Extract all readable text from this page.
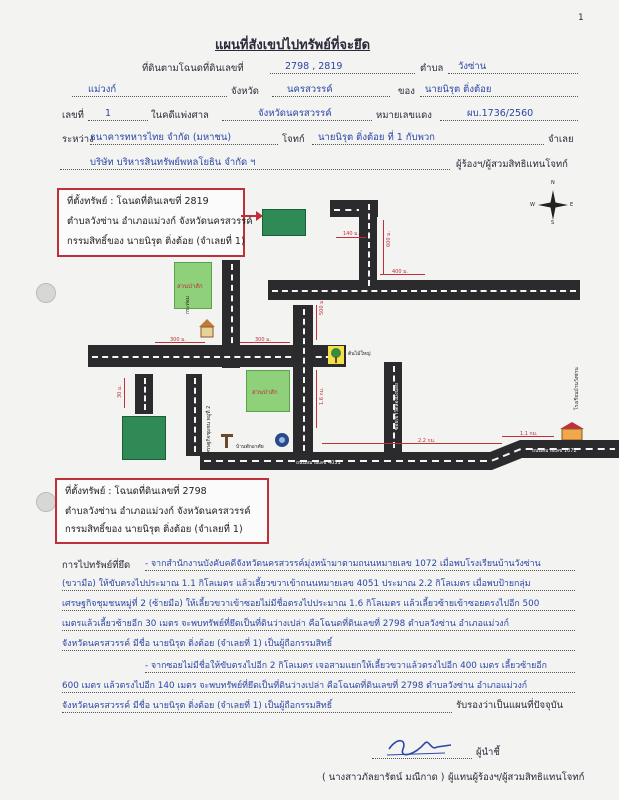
1
แผนที่สังเขปไปทรัพย์ที่จะยึด
ที่ดินตามโฉนดที่ดินเลขที่	2798 , 2819	ตำบล วังซ่าน
แม่วงก์	จังหวัด	นครสวรรค์	ของ นายนิรุต ติ่งต้อย
เลขที่ 1	ในคดีแพ่งศาล	จังหวัดนครสวรรค์	หมายเลขแดง	ผบ.1736/2560
ระหว่าง
ธนาคารทหารไทย จำกัด (มหาชน)	โจทก์ นายนิรุต ติ่งต้อย ที่ 1 กับพวก	จำเลย
บริษัท บริหารสินทรัพย์พหลโยธิน จำกัด ฯ	ผู้ร้องฯ/ผู้สวมสิทธิแทนโจทก์
สวนป่าสัก
สวนป่าสัก
กระท่อม
ต้นไม้ใหญ่
โรงเรียนบ้านวังซ่าน
บ้านพักอาศัย
เศรษฐกิจชุมชน หมู่ที่ 2
ถนนหมายเลข 4051
ถนนหมายเลข 1072
ซอยเข้าวัดสองมิ่งน้อย
140 ม.	600 ม.
400 ม.
500 ม.
300 ม.	300 ม.
1.6 กม.
30 ม.
2.2 กม.
1.1 กม.
N
S
W	E
ที่ตั้งทรัพย์ : โฉนดที่ดินเลขที่ 2819
ตำบลวังซ่าน อำเภอแม่วงก์ จังหวัดนครสวรรค์
กรรมสิทธิ์ของ นายนิรุต ติ่งต้อย (จำเลยที่ 1)
ที่ตั้งทรัพย์ : โฉนดที่ดินเลขที่ 2798
ตำบลวังซ่าน อำเภอแม่วงก์ จังหวัดนครสวรรค์
กรรมสิทธิ์ของ นายนิรุต ติ่งต้อย (จำเลยที่ 1)
การไปทรัพย์ที่ยึด - จากสำนักงานบังคับคดีจังหวัดนครสวรรค์มุ่งหน้ามาตามถนนหมายเลข 1072 เมื่อพบโรงเรียนบ้านวังซ่าน
(ขวามือ) ให้ขับตรงไปประมาณ 1.1 กิโลเมตร แล้วเลี้ยวขวาเข้าถนนหมายเลข 4051 ประมาณ 2.2 กิโลเมตร เมื่อพบป้ายกลุ่ม
เศรษฐกิจชุมชนหมู่ที่ 2 (ซ้ายมือ) ให้เลี้ยวขวาเข้าซอยไม่มีชื่อตรงไปประมาณ 1.6 กิโลเมตร แล้วเลี้ยวซ้ายเข้าซอยตรงไปอีก 500
เมตรแล้วเลี้ยวซ้ายอีก 30 เมตร จะพบทรัพย์ที่ยึดเป็นที่ดินว่างเปล่า คือโฉนดที่ดินเลขที่ 2798 ตำบลวังซ่าน อำเภอแม่วงก์
จังหวัดนครสวรรค์ มีชื่อ นายนิรุต ติ่งต้อย (จำเลยที่ 1) เป็นผู้ถือกรรมสิทธิ์
- จากซอยไม่มีชื่อให้ขับตรงไปอีก 2 กิโลเมตร เจอสามแยกให้เลี้ยวขวาแล้วตรงไปอีก 400 เมตร เลี้ยวซ้ายอีก
600 เมตร แล้วตรงไปอีก 140 เมตร จะพบทรัพย์ที่ยึดเป็นที่ดินว่างเปล่า คือโฉนดที่ดินเลขที่ 2798 ตำบลวังซ่าน อำเภอแม่วงก์
จังหวัดนครสวรรค์ มีชื่อ นายนิรุต ติ่งต้อย (จำเลยที่ 1) เป็นผู้ถือกรรมสิทธิ์	รับรองว่าเป็นแผนที่ปัจจุบัน
ผู้นำชี้
( นางสาวภัลยารัตน์ มณีกาด ) ผู้แทนผู้ร้องฯ/ผู้สวมสิทธิแทนโจทก์
